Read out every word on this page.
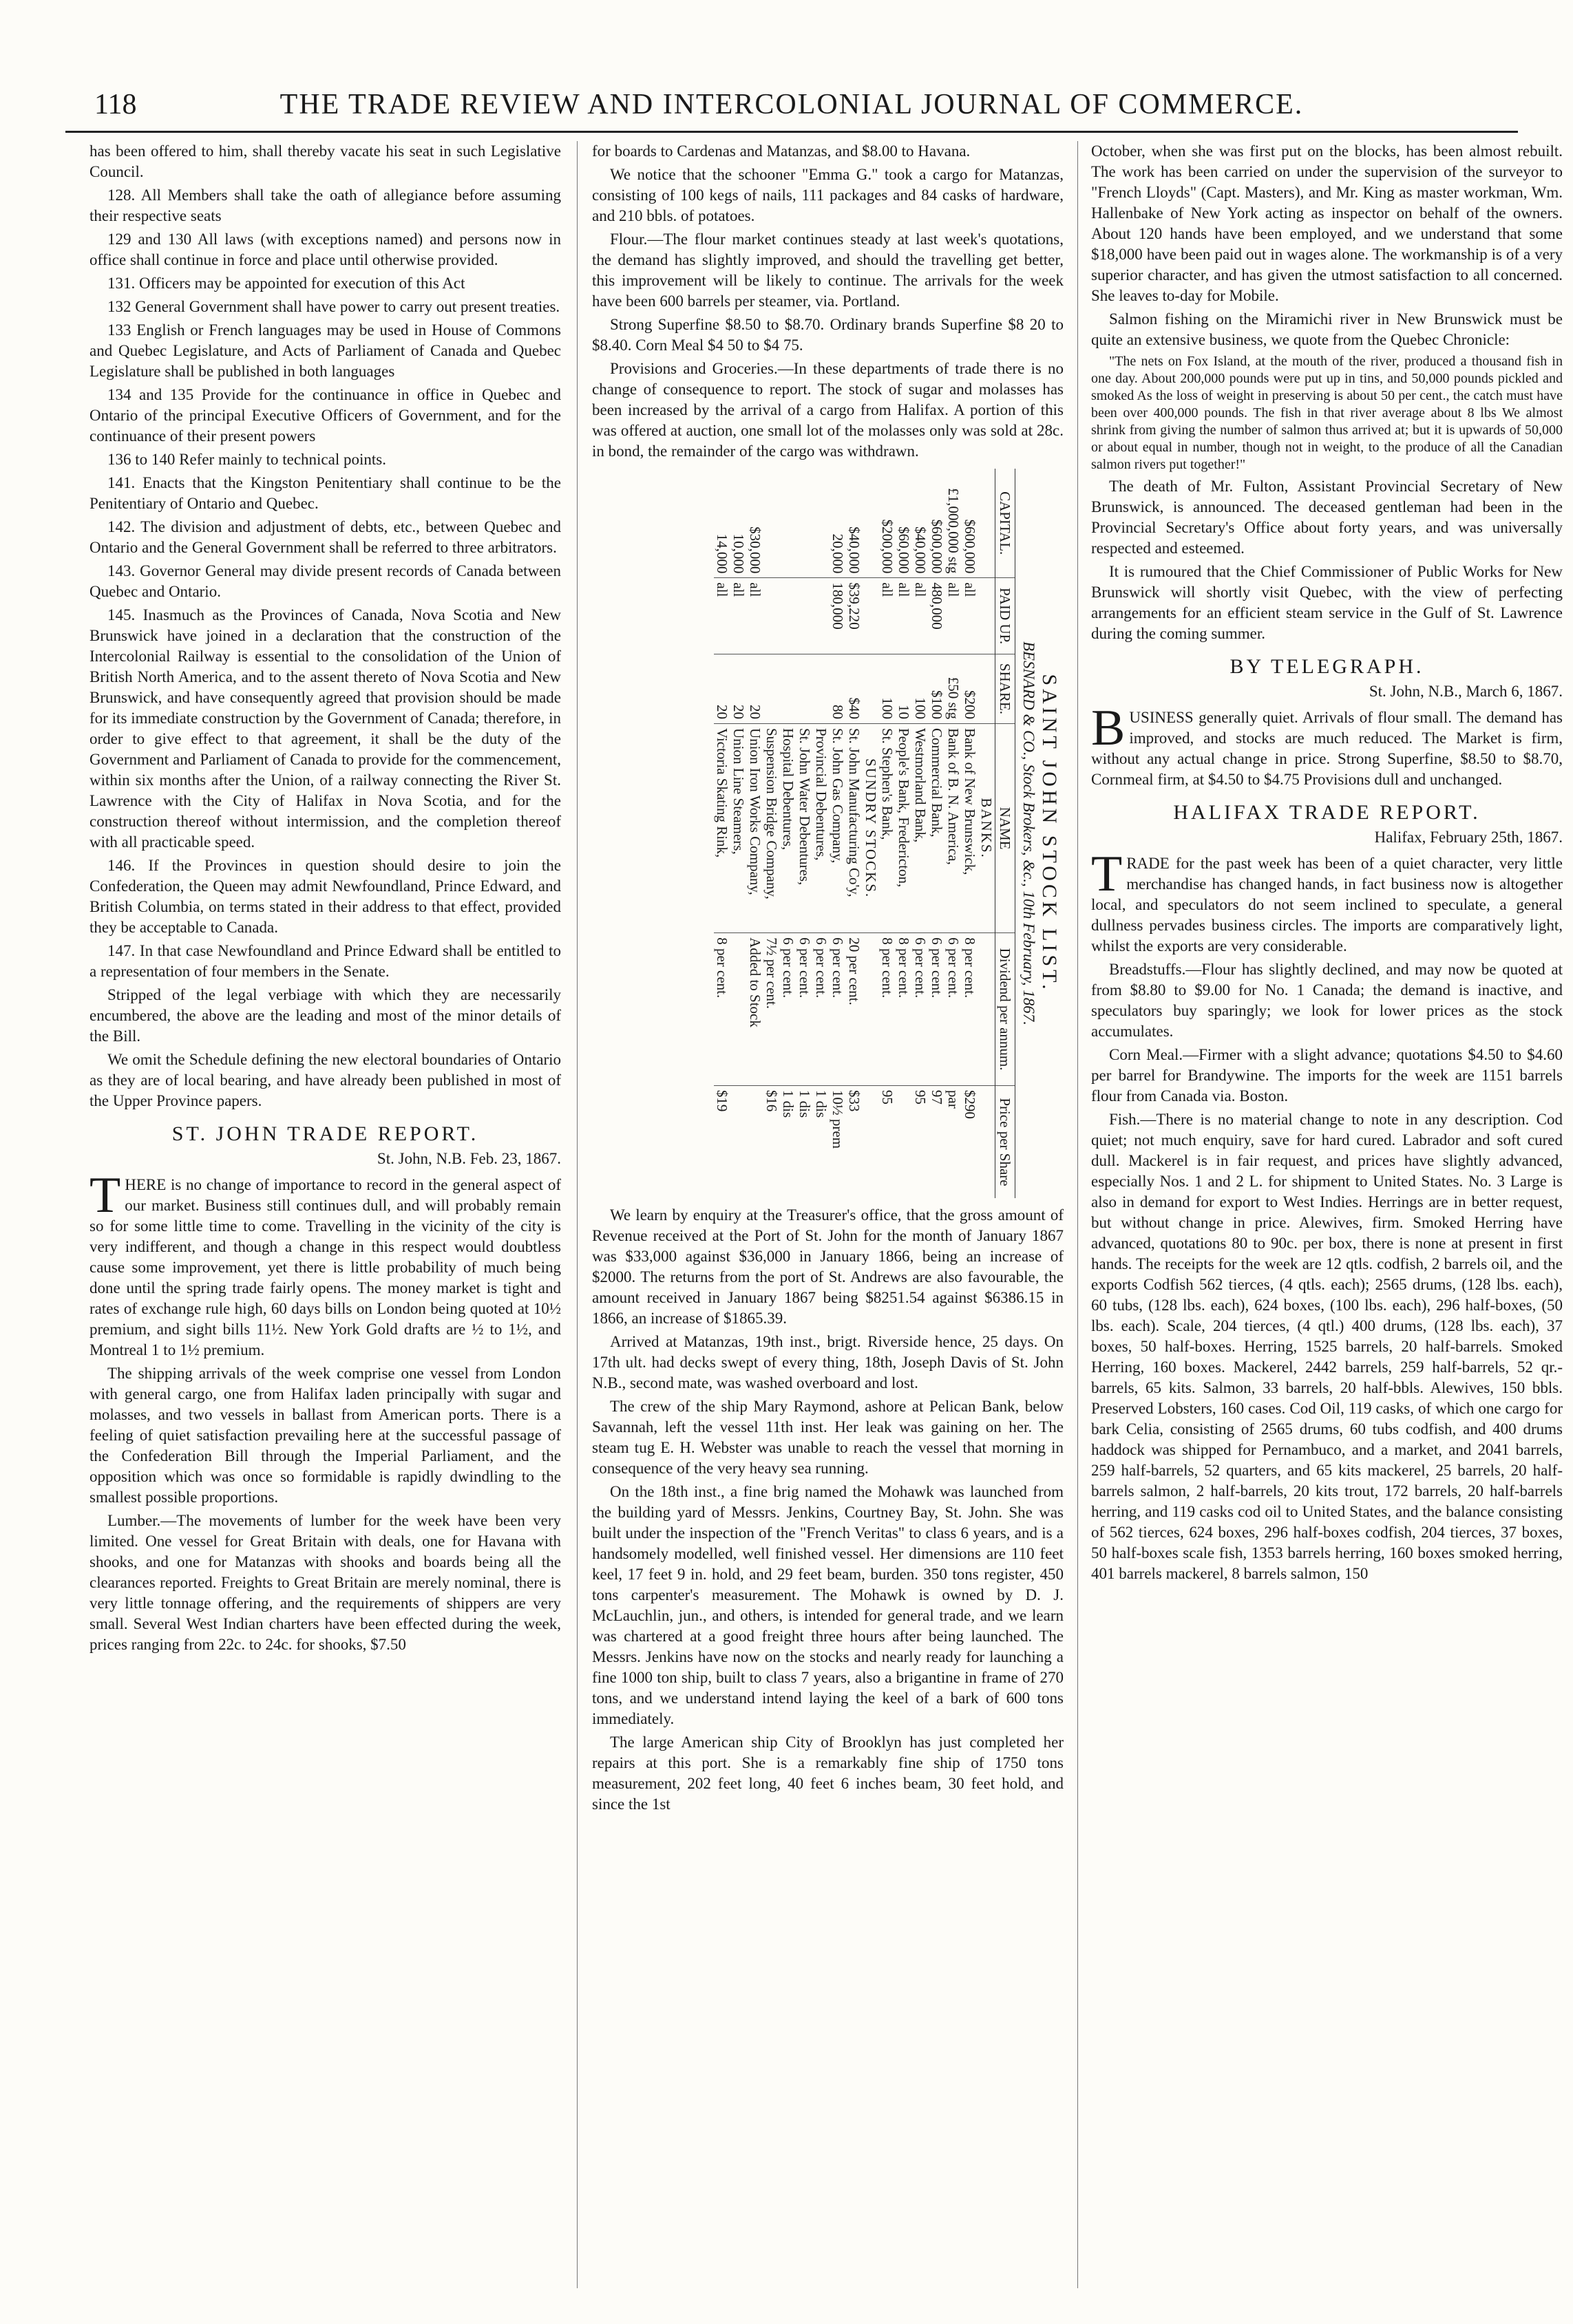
118	THE TRADE REVIEW AND INTERCOLONIAL JOURNAL OF COMMERCE.

has been offered to him, shall thereby vacate his seat in such Legislative Council.

128. All Members shall take the oath of allegiance before assuming their respective seats

129 and 130 All laws (with exceptions named) and persons now in office shall continue in force and place until otherwise provided.

131. Officers may be appointed for execution of this Act

132 General Government shall have power to carry out present treaties.

133 English or French languages may be used in House of Commons and Quebec Legislature, and Acts of Parliament of Canada and Quebec Legislature shall be published in both languages

134 and 135 Provide for the continuance in office in Quebec and Ontario of the principal Executive Officers of Government, and for the continuance of their present powers

136 to 140 Refer mainly to technical points.

141. Enacts that the Kingston Penitentiary shall continue to be the Penitentiary of Ontario and Quebec.

142. The division and adjustment of debts, etc., between Quebec and Ontario and the General Government shall be referred to three arbitrators.

143. Governor General may divide present records of Canada between Quebec and Ontario.

145. Inasmuch as the Provinces of Canada, Nova Scotia and New Brunswick have joined in a declaration that the construction of the Intercolonial Railway is essential to the consolidation of the Union of British North America, and to the assent thereto of Nova Scotia and New Brunswick, and have consequently agreed that provision should be made for its immediate construction by the Government of Canada; therefore, in order to give effect to that agreement, it shall be the duty of the Government and Parliament of Canada to provide for the commencement, within six months after the Union, of a railway connecting the River St. Lawrence with the City of Halifax in Nova Scotia, and for the construction thereof without intermission, and the completion thereof with all practicable speed.

146. If the Provinces in question should desire to join the Confederation, the Queen may admit Newfoundland, Prince Edward, and British Columbia, on terms stated in their address to that effect, provided they be acceptable to Canada.

147. In that case Newfoundland and Prince Edward shall be entitled to a representation of four members in the Senate.

Stripped of the legal verbiage with which they are necessarily encumbered, the above are the leading and most of the minor details of the Bill.

We omit the Schedule defining the new electoral boundaries of Ontario as they are of local bearing, and have already been published in most of the Upper Province papers.

ST. JOHN TRADE REPORT.
St. John, N.B. Feb. 23, 1867.

THERE is no change of importance to record in the general aspect of our market. Business still continues dull, and will probably remain so for some little time to come. Travelling in the vicinity of the city is very indifferent, and though a change in this respect would doubtless cause some improvement, yet there is little probability of much being done until the spring trade fairly opens. The money market is tight and rates of exchange rule high, 60 days bills on London being quoted at 10½ premium, and sight bills 11½. New York Gold drafts are ½ to 1½, and Montreal 1 to 1½ premium.

The shipping arrivals of the week comprise one vessel from London with general cargo, one from Halifax laden principally with sugar and molasses, and two vessels in ballast from American ports. There is a feeling of quiet satisfaction prevailing here at the successful passage of the Confederation Bill through the Imperial Parliament, and the opposition which was once so formidable is rapidly dwindling to the smallest possible proportions.

Lumber.—The movements of lumber for the week have been very limited. One vessel for Great Britain with deals, one for Havana with shooks, and one for Matanzas with shooks and boards being all the clearances reported. Freights to Great Britain are merely nominal, there is very little tonnage offering, and the requirements of shippers are very small. Several West Indian charters have been effected during the week, prices ranging from 22c. to 24c. for shooks, $7.50

for boards to Cardenas and Matanzas, and $8.00 to Havana.

We notice that the schooner "Emma G." took a cargo for Matanzas, consisting of 100 kegs of nails, 111 packages and 84 casks of hardware, and 210 bbls. of potatoes.

Flour.—The flour market continues steady at last week's quotations, the demand has slightly improved, and should the travelling get better, this improvement will be likely to continue. The arrivals for the week have been 600 barrels per steamer, via. Portland.

Strong Superfine $8.50 to $8.70. Ordinary brands Superfine $8 20 to $8.40. Corn Meal $4 50 to $4 75.

Provisions and Groceries.—In these departments of trade there is no change of consequence to report. The stock of sugar and molasses has been increased by the arrival of a cargo from Halifax. A portion of this was offered at auction, one small lot of the molasses only was sold at 28c. in bond, the remainder of the cargo was withdrawn.

SAINT JOHN STOCK LIST.
BESNARD & CO., Stock Brokers, &c., 10th February, 1867.
CAPITAL.	PAID UP.	SHARE.	NAME	Dividend per annum.	Price per Share
			BANKS.		
$600,000	all	$200	Bank of New Brunswick,	8 per cent.	$290
£1,000,000 stg	all	£50 stg	Bank of B. N. America,	6 per cent.	par
$600,000	480,000	$100	Commercial Bank,	6 per cent.	97
$40,000	all	100	Westmorland Bank,	6 per cent.	95
$60,000	all	10	People's Bank, Fredericton,	8 per cent.	
$200,000	all	100	St. Stephen's Bank,	8 per cent.	95
			SUNDRY STOCKS.		
$40,000	$39,220	$40	St. John Manufacturing Co'y,	20 per cent.	$33
20,000	180,000	80	St. John Gas Company,	6 per cent.	10½ prem
			Provincial Debentures,	6 per cent.	1 dis
			St. John Water Debentures,	6 per cent.	1 dis
			Hospital Debentures,	6 per cent.	1 dis
			Suspension Bridge Company,	7½ per cent.	$16
$30,000	all	20	Union Iron Works Company,	Added to Stock	
10,000	all	20	Union Line Steamers,		
14,000	all	20	Victoria Skating Rink,	8 per cent.	$19

We learn by enquiry at the Treasurer's office, that the gross amount of Revenue received at the Port of St. John for the month of January 1867 was $33,000 against $36,000 in January 1866, being an increase of $2000. The returns from the port of St. Andrews are also favourable, the amount received in January 1867 being $8251.54 against $6386.15 in 1866, an increase of $1865.39.

Arrived at Matanzas, 19th inst., brigt. Riverside hence, 25 days. On 17th ult. had decks swept of every thing, 18th, Joseph Davis of St. John N.B., second mate, was washed overboard and lost.

The crew of the ship Mary Raymond, ashore at Pelican Bank, below Savannah, left the vessel 11th inst. Her leak was gaining on her. The steam tug E. H. Webster was unable to reach the vessel that morning in consequence of the very heavy sea running.

On the 18th inst., a fine brig named the Mohawk was launched from the building yard of Messrs. Jenkins, Courtney Bay, St. John. She was built under the inspection of the "French Veritas" to class 6 years, and is a handsomely modelled, well finished vessel. Her dimensions are 110 feet keel, 17 feet 9 in. hold, and 29 feet beam, burden. 350 tons register, 450 tons carpenter's measurement. The Mohawk is owned by D. J. McLauchlin, jun., and others, is intended for general trade, and we learn was chartered at a good freight three hours after being launched. The Messrs. Jenkins have now on the stocks and nearly ready for launching a fine 1000 ton ship, built to class 7 years, also a brigantine in frame of 270 tons, and we understand intend laying the keel of a bark of 600 tons immediately.

The large American ship City of Brooklyn has just completed her repairs at this port. She is a remarkably fine ship of 1750 tons measurement, 202 feet long, 40 feet 6 inches beam, 30 feet hold, and since the 1st

October, when she was first put on the blocks, has been almost rebuilt. The work has been carried on under the supervision of the surveyor to "French Lloyds" (Capt. Masters), and Mr. King as master workman, Wm. Hallenbake of New York acting as inspector on behalf of the owners. About 120 hands have been employed, and we understand that some $18,000 have been paid out in wages alone. The workmanship is of a very superior character, and has given the utmost satisfaction to all concerned. She leaves to-day for Mobile.

Salmon fishing on the Miramichi river in New Brunswick must be quite an extensive business, we quote from the Quebec Chronicle:

"The nets on Fox Island, at the mouth of the river, produced a thousand fish in one day. About 200,000 pounds were put up in tins, and 50,000 pounds pickled and smoked As the loss of weight in preserving is about 50 per cent., the catch must have been over 400,000 pounds. The fish in that river average about 8 lbs We almost shrink from giving the number of salmon thus arrived at; but it is upwards of 50,000 or about equal in number, though not in weight, to the produce of all the Canadian salmon rivers put together!"

The death of Mr. Fulton, Assistant Provincial Secretary of New Brunswick, is announced. The deceased gentleman had been in the Provincial Secretary's Office about forty years, and was universally respected and esteemed.

It is rumoured that the Chief Commissioner of Public Works for New Brunswick will shortly visit Quebec, with the view of perfecting arrangements for an efficient steam service in the Gulf of St. Lawrence during the coming summer.

BY TELEGRAPH.
St. John, N.B., March 6, 1867.

BUSINESS generally quiet. Arrivals of flour small. The demand has improved, and stocks are much reduced. The Market is firm, without any actual change in price. Strong Superfine, $8.50 to $8.70, Cornmeal firm, at $4.50 to $4.75 Provisions dull and unchanged.

HALIFAX TRADE REPORT.
Halifax, February 25th, 1867.

TRADE for the past week has been of a quiet character, very little merchandise has changed hands, in fact business now is altogether local, and speculators do not seem inclined to speculate, a general dullness pervades business circles. The imports are comparatively light, whilst the exports are very considerable.

Breadstuffs.—Flour has slightly declined, and may now be quoted at from $8.80 to $9.00 for No. 1 Canada; the demand is inactive, and speculators buy sparingly; we look for lower prices as the stock accumulates.

Corn Meal.—Firmer with a slight advance; quotations $4.50 to $4.60 per barrel for Brandywine. The imports for the week are 1151 barrels flour from Canada via. Boston.

Fish.—There is no material change to note in any description. Cod quiet; not much enquiry, save for hard cured. Labrador and soft cured dull. Mackerel is in fair request, and prices have slightly advanced, especially Nos. 1 and 2 L. for shipment to United States. No. 3 Large is also in demand for export to West Indies. Herrings are in better request, but without change in price. Alewives, firm. Smoked Herring have advanced, quotations 80 to 90c. per box, there is none at present in first hands. The receipts for the week are 12 qtls. codfish, 2 barrels oil, and the exports Codfish 562 tierces, (4 qtls. each); 2565 drums, (128 lbs. each), 60 tubs, (128 lbs. each), 624 boxes, (100 lbs. each), 296 half-boxes, (50 lbs. each). Scale, 204 tierces, (4 qtl.) 400 drums, (128 lbs. each), 37 boxes, 50 half-boxes. Herring, 1525 barrels, 20 half-barrels. Smoked Herring, 160 boxes. Mackerel, 2442 barrels, 259 half-barrels, 52 qr.-barrels, 65 kits. Salmon, 33 barrels, 20 half-bbls. Alewives, 150 bbls. Preserved Lobsters, 160 cases. Cod Oil, 119 casks, of which one cargo for bark Celia, consisting of 2565 drums, 60 tubs codfish, and 400 drums haddock was shipped for Pernambuco, and a market, and 2041 barrels, 259 half-barrels, 52 quarters, and 65 kits mackerel, 25 barrels, 20 half-barrels salmon, 2 half-barrels, 20 kits trout, 172 barrels, 20 half-barrels herring, and 119 casks cod oil to United States, and the balance consisting of 562 tierces, 624 boxes, 296 half-boxes codfish, 204 tierces, 37 boxes, 50 half-boxes scale fish, 1353 barrels herring, 160 boxes smoked herring, 401 barrels mackerel, 8 barrels salmon, 150
